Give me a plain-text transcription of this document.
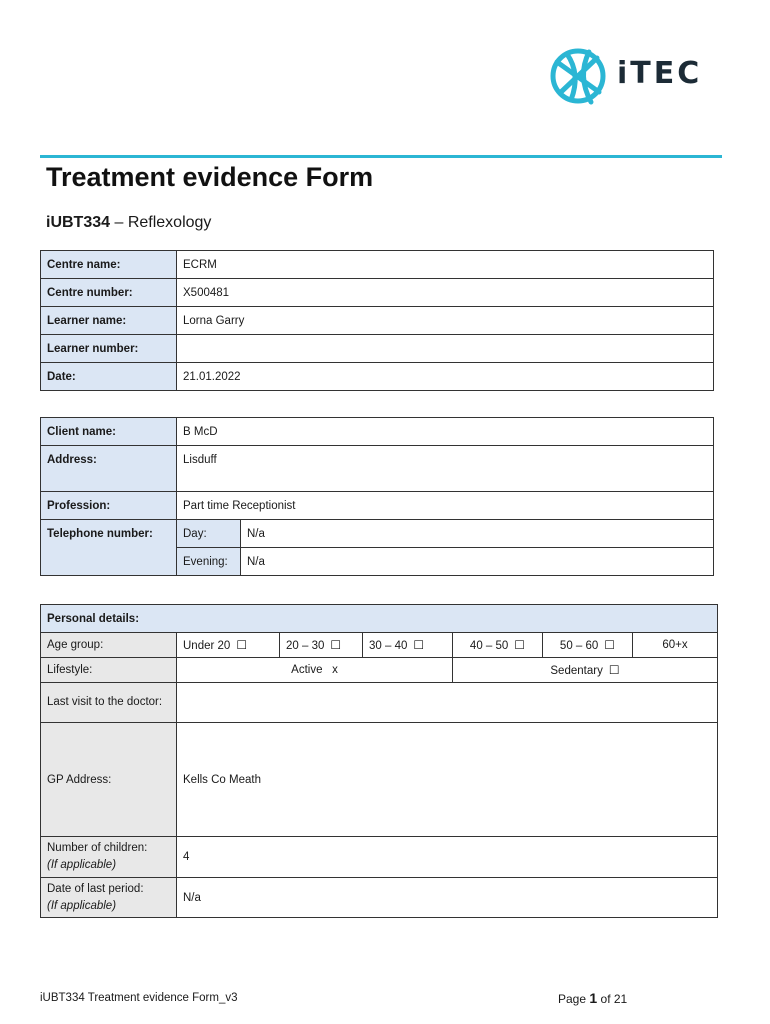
iTEC
Treatment evidence Form
iUBT334 – Reflexology
Centre name:	ECRM
Centre number:	X500481
Learner name:	Lorna Garry
Learner number:	
Date:	21.01.2022
Client name:	B McD	
Address:	Lisduff	
Profession:	Part time Receptionist	
Telephone number:	Day:	N/a
	Evening:	N/a
Personal details:						
Age group:	Under 20 ☐	20 – 30 ☐	30 – 40 ☐	40 – 50 ☐	50 – 60 ☐	60+x
Lifestyle:	Active x			Sedentary ☐		
Last visit to the doctor:						
GP Address:	Kells Co Meath					

Number of children:
(If applicable)	4					

Date of last period:
(If applicable)	N/a					
iUBT334 Treatment evidence Form_v3	Page 1 of 21
